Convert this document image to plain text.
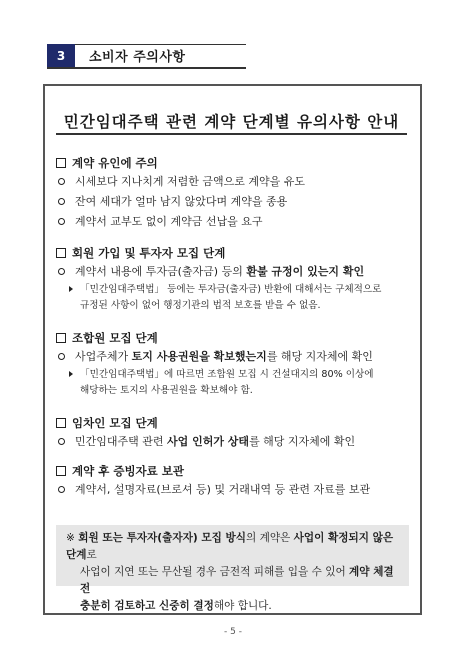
3	소비자 주의사항
민간임대주택 관련 계약 단계별 유의사항 안내
계약 유인에 주의
시세보다 지나치게 저렴한 금액으로 계약을 유도
잔여 세대가 얼마 남지 않았다며 계약을 종용
계약서 교부도 없이 계약금 선납을 요구
회원 가입 및 투자자 모집 단계
계약서 내용에 투자금(출자금) 등의 환불 규정이 있는지 확인
「민간임대주택법」 등에는 투자금(출자금) 반환에 대해서는 구체적으로
규정된 사항이 없어 행정기관의 법적 보호를 받을 수 없음.
조합원 모집 단계
사업주체가 토지 사용권원을 확보했는지를 해당 지자체에 확인
「민간임대주택법」에 따르면 조합원 모집 시 건설대지의 80% 이상에
해당하는 토지의 사용권원을 확보해야 함.
임차인 모집 단계
민간임대주택 관련 사업 인허가 상태를 해당 지자체에 확인
계약 후 증빙자료 보관
계약서, 설명자료(브로셔 등) 및 거래내역 등 관련 자료를 보관
※ 회원 또는 투자자(출자자) 모집 방식의 계약은 사업이 확정되지 않은 단계로
사업이 지연 또는 무산될 경우 금전적 피해를 입을 수 있어 계약 체결 전
충분히 검토하고 신중히 결정해야 합니다.
- 5 -
